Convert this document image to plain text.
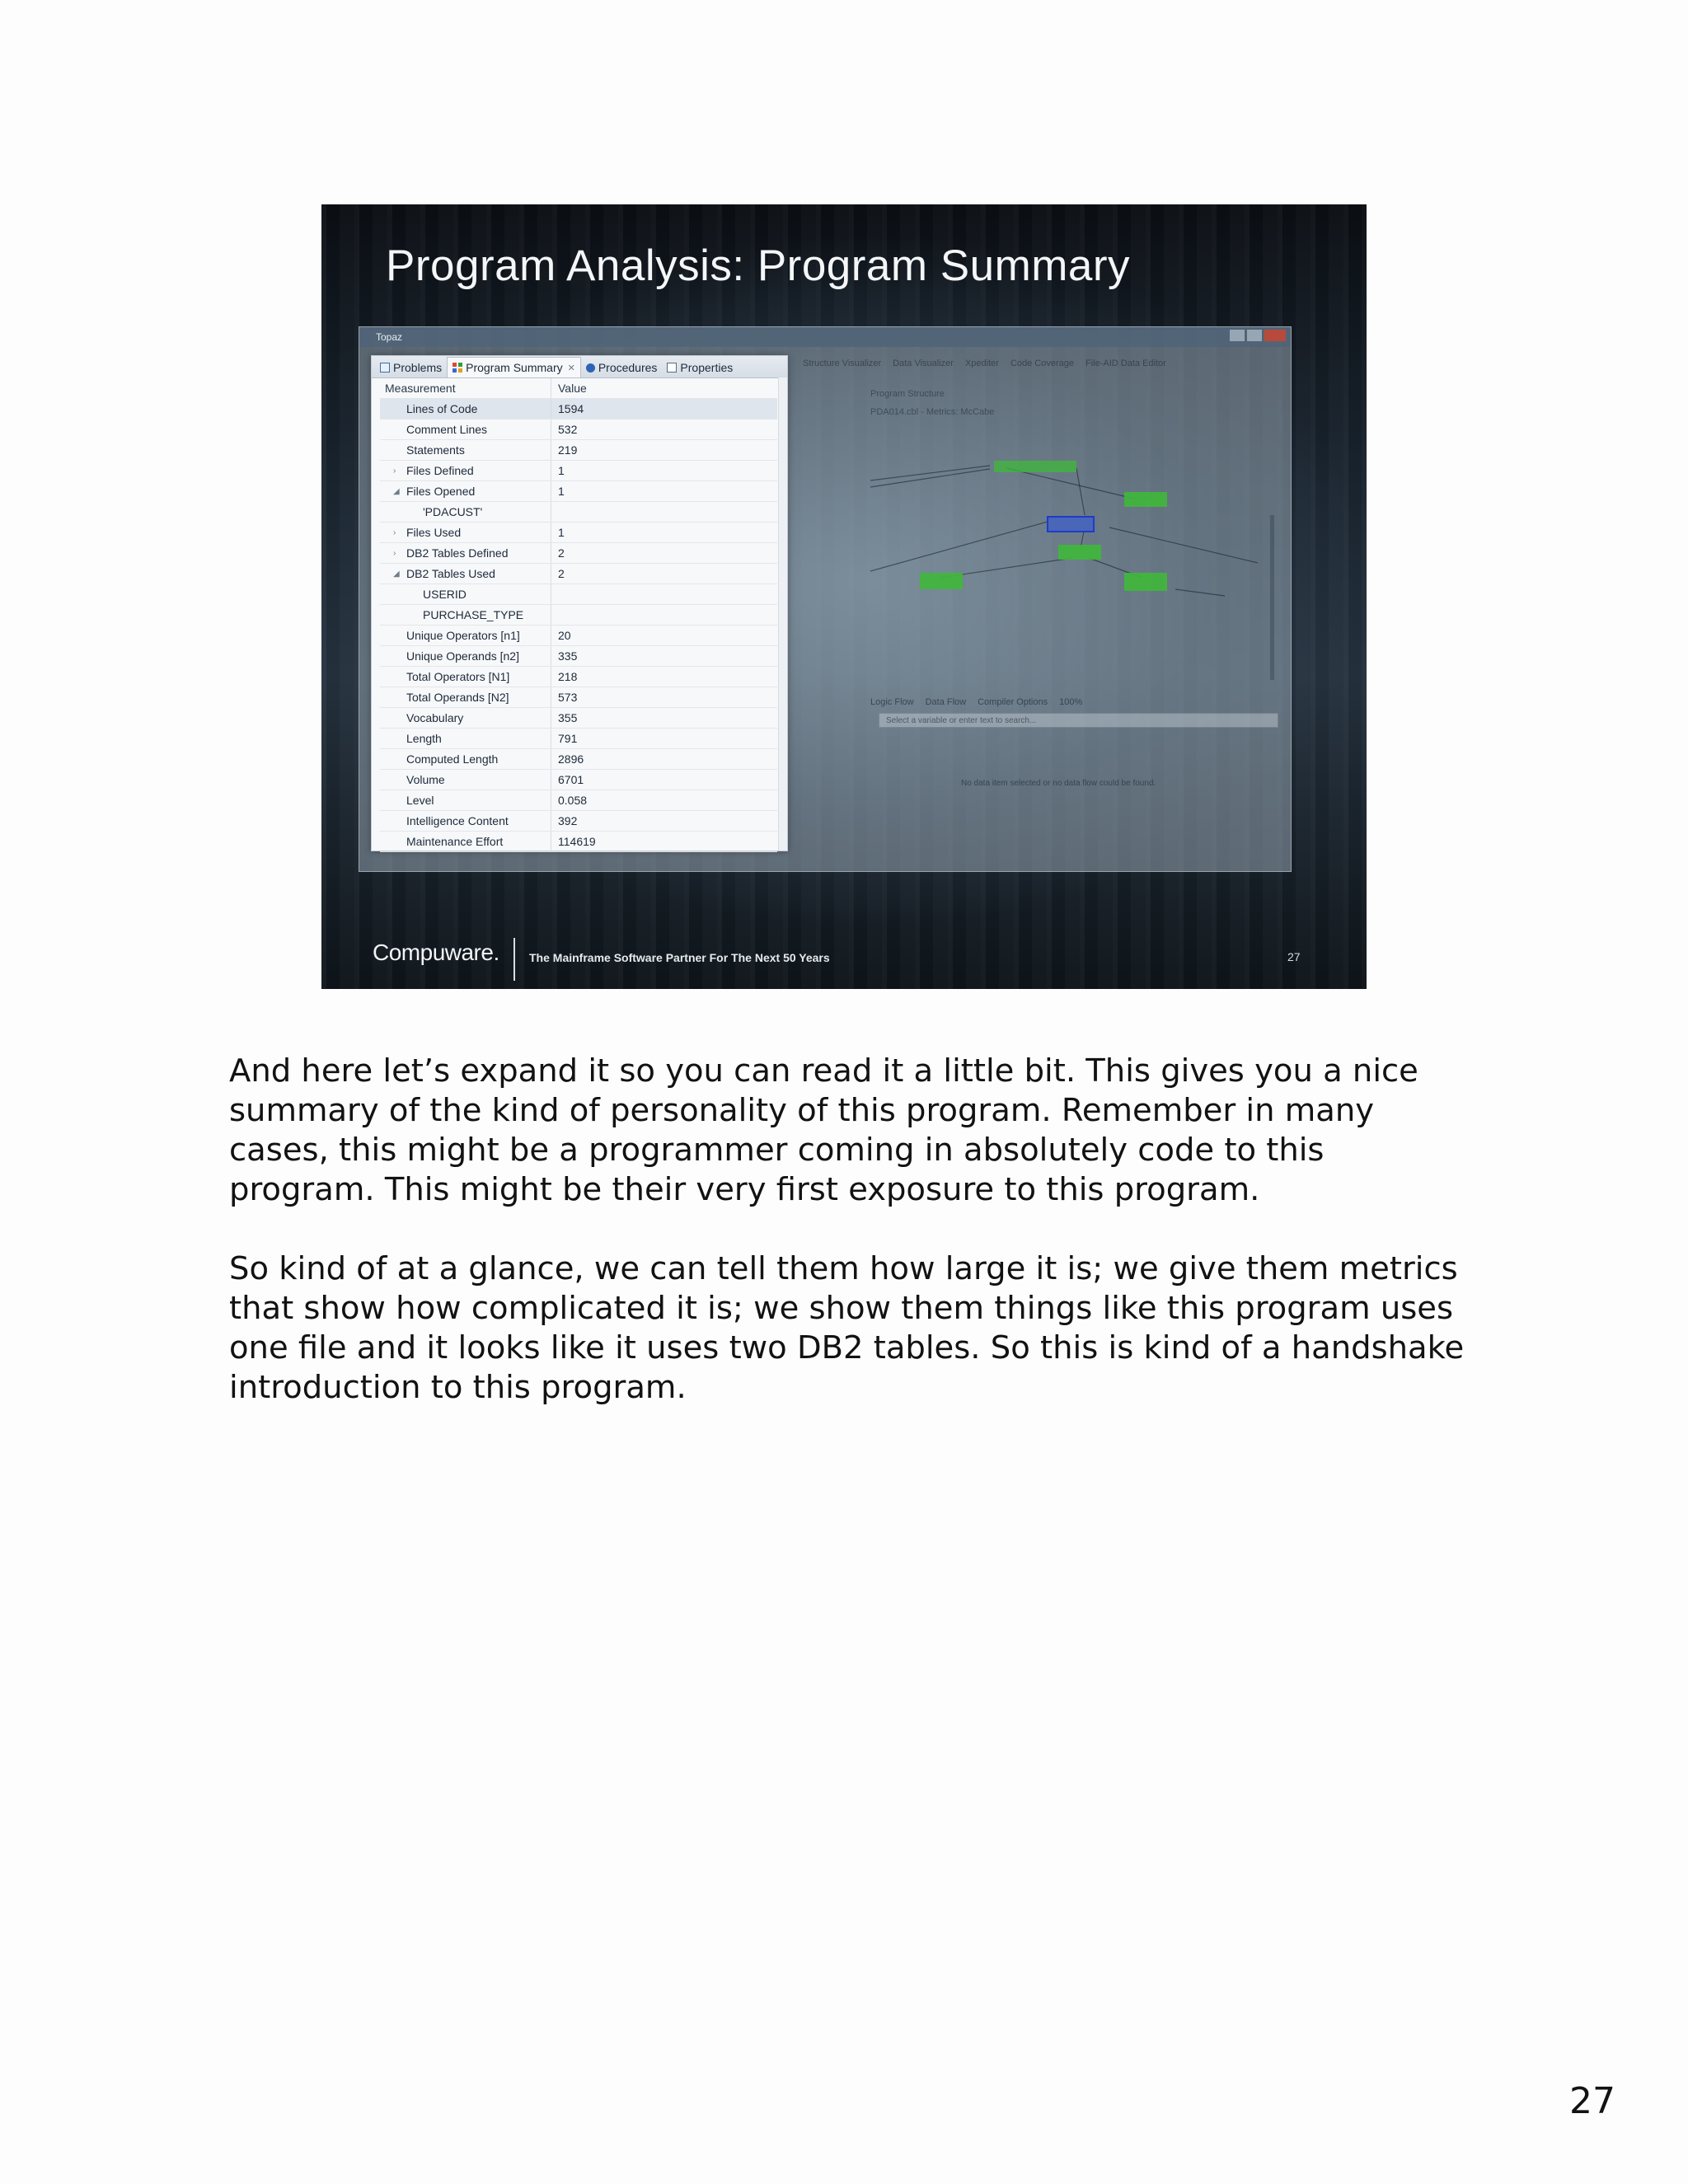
Program Analysis: Program Summary
Topaz
Structure Visualizer Data Visualizer Xpediter Code Coverage File-AID Data Editor
Program Structure
PDA014.cbl - Metrics: McCabe
Logic Flow Data Flow Compiler Options 100%
Select a variable or enter text to search...
No data item selected or no data flow could be found.
Problems Program Summary ✕ Procedures Properties
Measurement	Value
Lines of Code	1594
Comment Lines	532
Statements	219
› Files Defined	1
◢ Files Opened	1
'PDACUST'
› Files Used	1
› DB2 Tables Defined	2
◢ DB2 Tables Used	2
USERID
PURCHASE_TYPE
Unique Operators [n1]	20
Unique Operands [n2]	335
Total Operators [N1]	218
Total Operands [N2]	573
Vocabulary	355
Length	791
Computed Length	2896
Volume	6701
Level	0.058
Intelligence Content	392
Maintenance Effort	114619
Compuware.	The Mainframe Software Partner For The Next 50 Years	27

And here let’s expand it so you can read it a little bit. This gives you a nice summary of the kind of personality of this program. Remember in many cases, this might be a programmer coming in absolutely code to this program. This might be their very first exposure to this program.

So kind of at a glance, we can tell them how large it is; we give them metrics that show how complicated it is; we show them things like this program uses one file and it looks like it uses two DB2 tables. So this is kind of a handshake introduction to this program.

27
